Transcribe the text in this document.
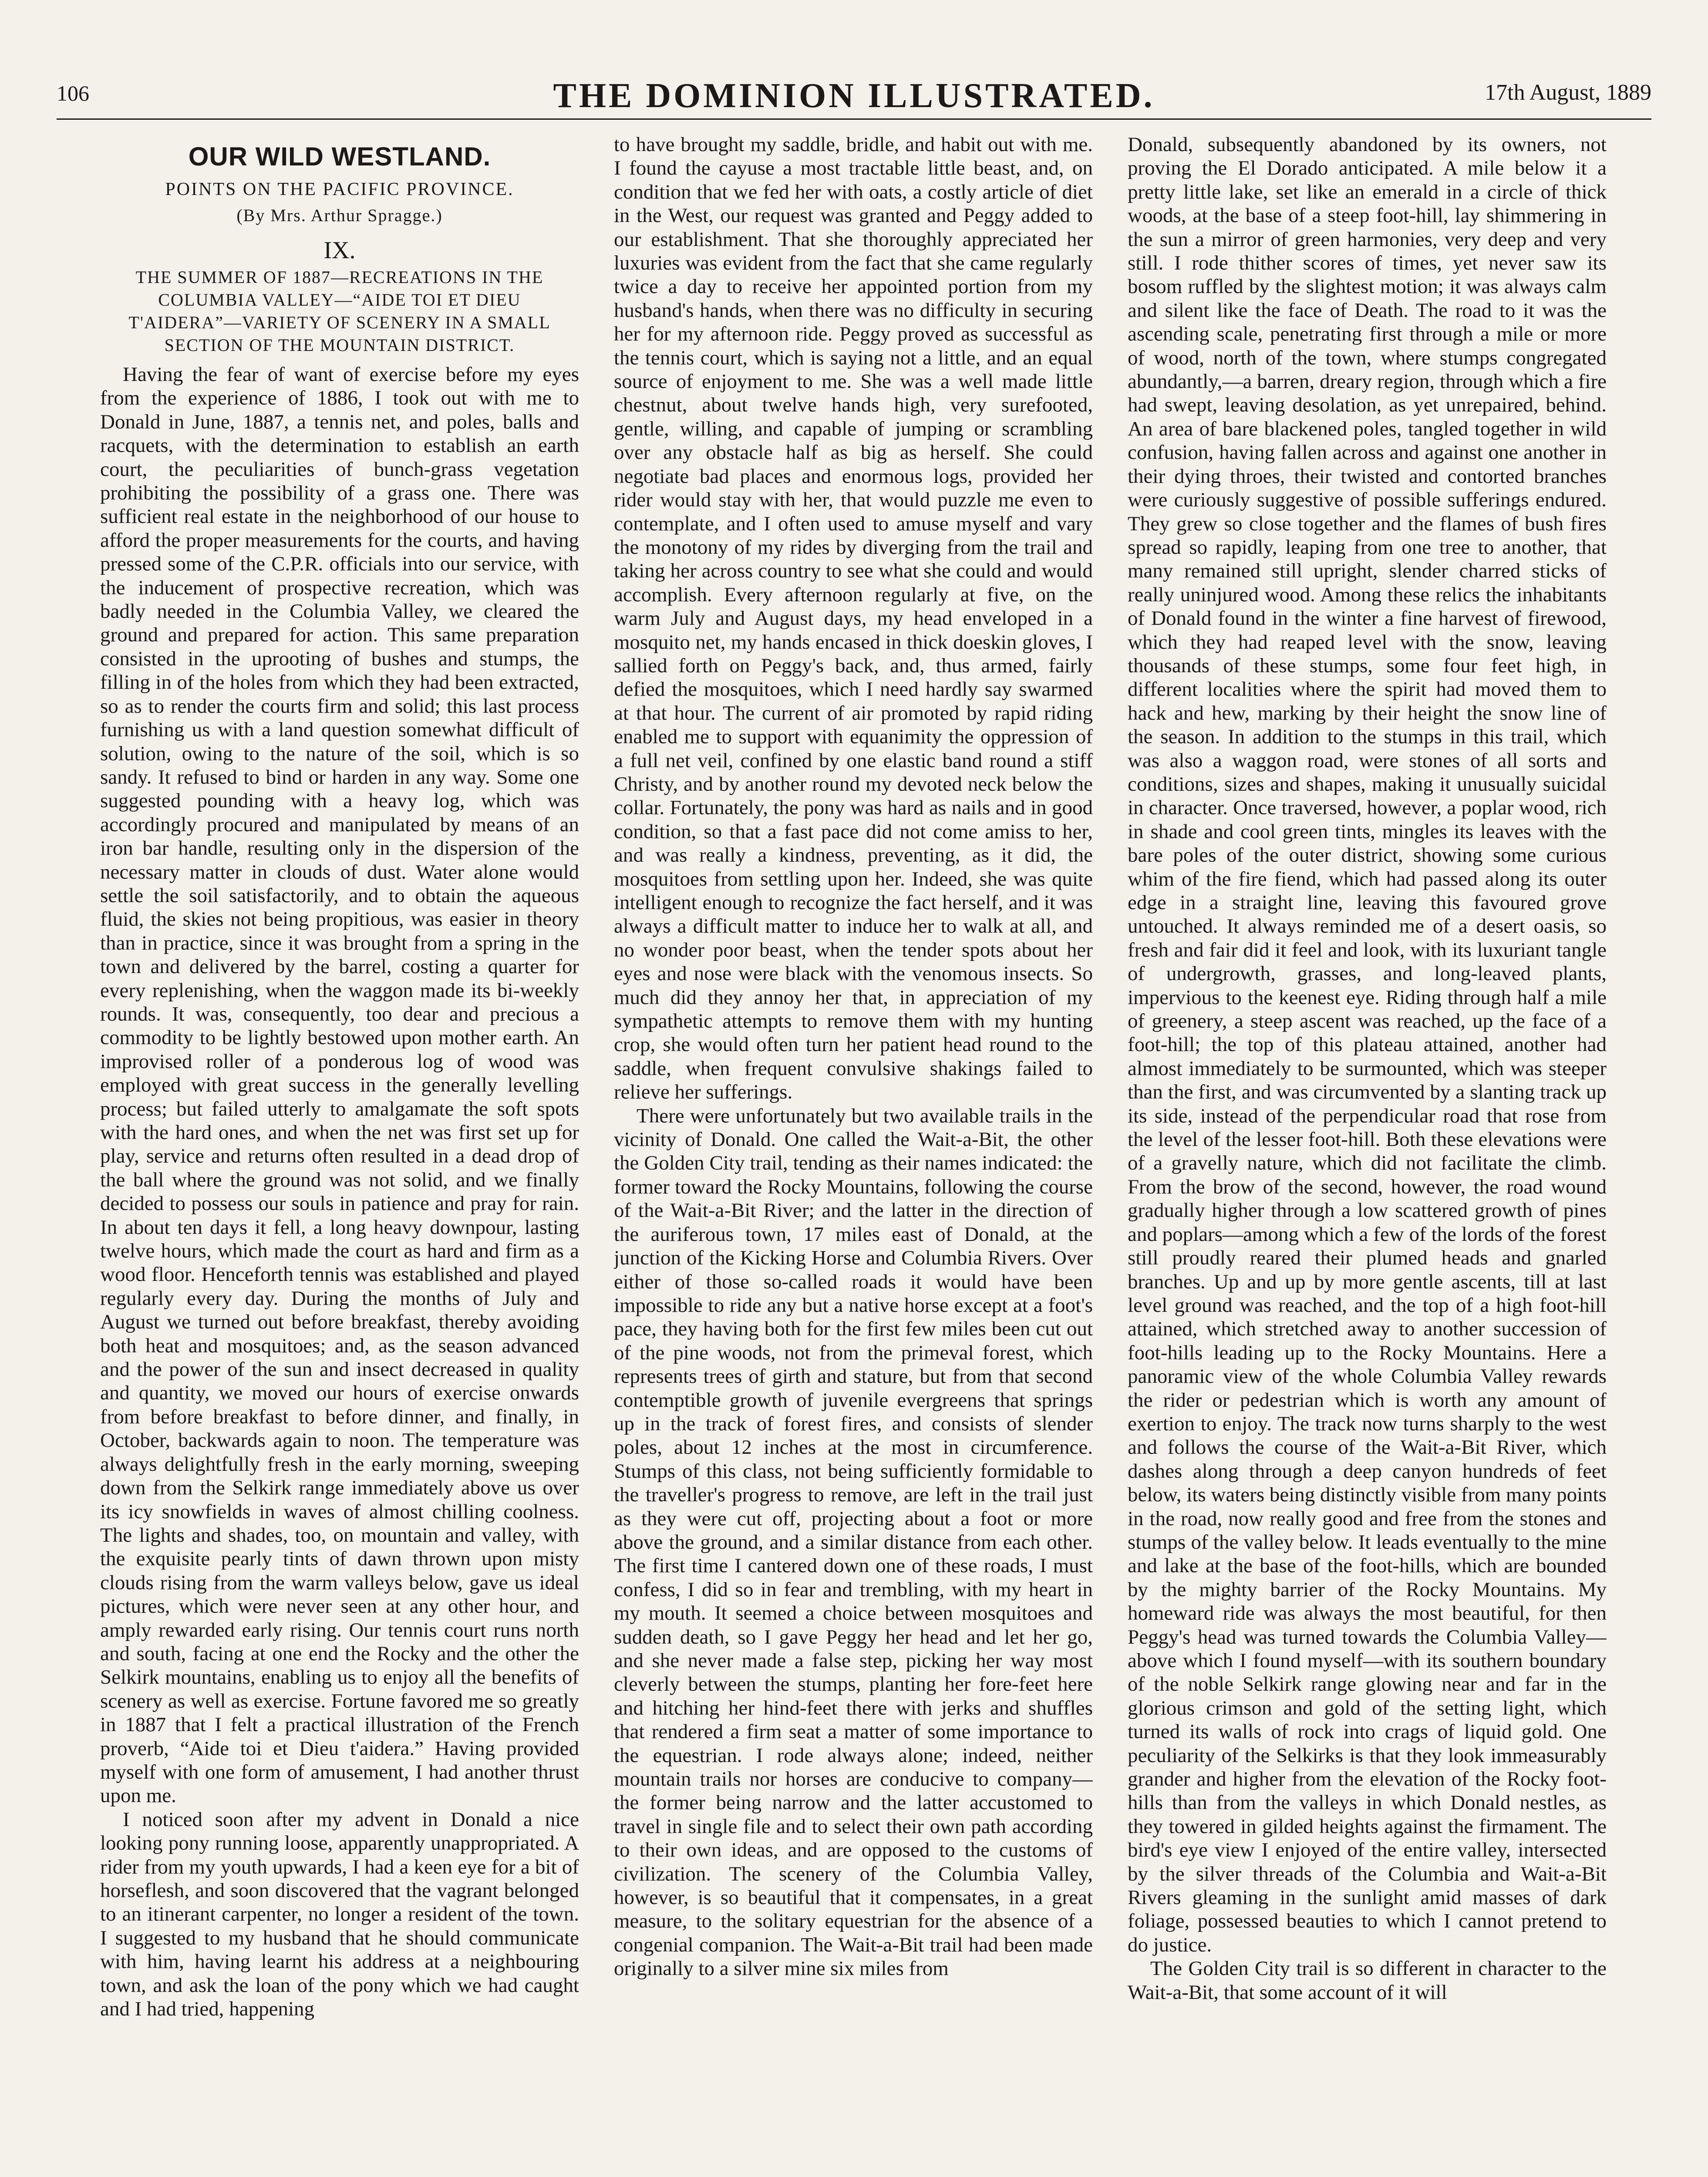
106	THE DOMINION ILLUSTRATED.	17th August, 1889
OUR WILD WESTLAND.
POINTS ON THE PACIFIC PROVINCE.
(By Mrs. Arthur Spragge.)
IX.
THE SUMMER OF 1887—RECREATIONS IN THE COLUMBIA VALLEY—“AIDE TOI ET DIEU T'AIDERA”—VARIETY OF SCENERY IN A SMALL SECTION OF THE MOUNTAIN DISTRICT.

Having the fear of want of exercise before my eyes from the experience of 1886, I took out with me to Donald in June, 1887, a tennis net, and poles, balls and racquets, with the determination to establish an earth court, the peculiarities of bunch-grass vegetation prohibiting the possibility of a grass one. There was sufficient real estate in the neighborhood of our house to afford the proper measurements for the courts, and having pressed some of the C.P.R. officials into our service, with the inducement of prospective recreation, which was badly needed in the Columbia Valley, we cleared the ground and prepared for action. This same preparation consisted in the uprooting of bushes and stumps, the filling in of the holes from which they had been extracted, so as to render the courts firm and solid; this last process furnishing us with a land question somewhat difficult of solution, owing to the nature of the soil, which is so sandy. It refused to bind or harden in any way. Some one suggested pounding with a heavy log, which was accordingly procured and manipulated by means of an iron bar handle, resulting only in the dispersion of the necessary matter in clouds of dust. Water alone would settle the soil satisfactorily, and to obtain the aqueous fluid, the skies not being propitious, was easier in theory than in practice, since it was brought from a spring in the town and delivered by the barrel, costing a quarter for every replenishing, when the waggon made its bi-weekly rounds. It was, consequently, too dear and precious a commodity to be lightly bestowed upon mother earth. An improvised roller of a ponderous log of wood was employed with great success in the generally levelling process; but failed utterly to amalgamate the soft spots with the hard ones, and when the net was first set up for play, service and returns often resulted in a dead drop of the ball where the ground was not solid, and we finally decided to possess our souls in patience and pray for rain. In about ten days it fell, a long heavy downpour, lasting twelve hours, which made the court as hard and firm as a wood floor. Henceforth tennis was established and played regularly every day. During the months of July and August we turned out before breakfast, thereby avoiding both heat and mosquitoes; and, as the season advanced and the power of the sun and insect decreased in quality and quantity, we moved our hours of exercise onwards from before breakfast to before dinner, and finally, in October, backwards again to noon. The temperature was always delightfully fresh in the early morning, sweeping down from the Selkirk range immediately above us over its icy snowfields in waves of almost chilling coolness. The lights and shades, too, on mountain and valley, with the exquisite pearly tints of dawn thrown upon misty clouds rising from the warm valleys below, gave us ideal pictures, which were never seen at any other hour, and amply rewarded early rising. Our tennis court runs north and south, facing at one end the Rocky and the other the Selkirk mountains, enabling us to enjoy all the benefits of scenery as well as exercise. Fortune favored me so greatly in 1887 that I felt a practical illustration of the French proverb, “Aide toi et Dieu t'aidera.” Having provided myself with one form of amusement, I had another thrust upon me.

I noticed soon after my advent in Donald a nice looking pony running loose, apparently unappropriated. A rider from my youth upwards, I had a keen eye for a bit of horseflesh, and soon discovered that the vagrant belonged to an itinerant carpenter, no longer a resident of the town. I suggested to my husband that he should communicate with him, having learnt his address at a neighbouring town, and ask the loan of the pony which we had caught and I had tried, happening

to have brought my saddle, bridle, and habit out with me. I found the cayuse a most tractable little beast, and, on condition that we fed her with oats, a costly article of diet in the West, our request was granted and Peggy added to our establishment. That she thoroughly appreciated her luxuries was evident from the fact that she came regularly twice a day to receive her appointed portion from my husband's hands, when there was no difficulty in securing her for my afternoon ride. Peggy proved as successful as the tennis court, which is saying not a little, and an equal source of enjoyment to me. She was a well made little chestnut, about twelve hands high, very surefooted, gentle, willing, and capable of jumping or scrambling over any obstacle half as big as herself. She could negotiate bad places and enormous logs, provided her rider would stay with her, that would puzzle me even to contemplate, and I often used to amuse myself and vary the monotony of my rides by diverging from the trail and taking her across country to see what she could and would accomplish. Every afternoon regularly at five, on the warm July and August days, my head enveloped in a mosquito net, my hands encased in thick doeskin gloves, I sallied forth on Peggy's back, and, thus armed, fairly defied the mosquitoes, which I need hardly say swarmed at that hour. The current of air promoted by rapid riding enabled me to support with equanimity the oppression of a full net veil, confined by one elastic band round a stiff Christy, and by another round my devoted neck below the collar. Fortunately, the pony was hard as nails and in good condition, so that a fast pace did not come amiss to her, and was really a kindness, preventing, as it did, the mosquitoes from settling upon her. Indeed, she was quite intelligent enough to recognize the fact herself, and it was always a difficult matter to induce her to walk at all, and no wonder poor beast, when the tender spots about her eyes and nose were black with the venomous insects. So much did they annoy her that, in appreciation of my sympathetic attempts to remove them with my hunting crop, she would often turn her patient head round to the saddle, when frequent convulsive shakings failed to relieve her sufferings.

There were unfortunately but two available trails in the vicinity of Donald. One called the Wait-a-Bit, the other the Golden City trail, tending as their names indicated: the former toward the Rocky Mountains, following the course of the Wait-a-Bit River; and the latter in the direction of the auriferous town, 17 miles east of Donald, at the junction of the Kicking Horse and Columbia Rivers. Over either of those so-called roads it would have been impossible to ride any but a native horse except at a foot's pace, they having both for the first few miles been cut out of the pine woods, not from the primeval forest, which represents trees of girth and stature, but from that second contemptible growth of juvenile evergreens that springs up in the track of forest fires, and consists of slender poles, about 12 inches at the most in circumference. Stumps of this class, not being sufficiently formidable to the traveller's progress to remove, are left in the trail just as they were cut off, projecting about a foot or more above the ground, and a similar distance from each other. The first time I cantered down one of these roads, I must confess, I did so in fear and trembling, with my heart in my mouth. It seemed a choice between mosquitoes and sudden death, so I gave Peggy her head and let her go, and she never made a false step, picking her way most cleverly between the stumps, planting her fore-feet here and hitching her hind-feet there with jerks and shuffles that rendered a firm seat a matter of some importance to the equestrian. I rode always alone; indeed, neither mountain trails nor horses are conducive to company—the former being narrow and the latter accustomed to travel in single file and to select their own path according to their own ideas, and are opposed to the customs of civilization. The scenery of the Columbia Valley, however, is so beautiful that it compensates, in a great measure, to the solitary equestrian for the absence of a congenial companion. The Wait-a-Bit trail had been made originally to a silver mine six miles from

Donald, subsequently abandoned by its owners, not proving the El Dorado anticipated. A mile below it a pretty little lake, set like an emerald in a circle of thick woods, at the base of a steep foot-hill, lay shimmering in the sun a mirror of green harmonies, very deep and very still. I rode thither scores of times, yet never saw its bosom ruffled by the slightest motion; it was always calm and silent like the face of Death. The road to it was the ascending scale, penetrating first through a mile or more of wood, north of the town, where stumps congregated abundantly,—a barren, dreary region, through which a fire had swept, leaving desolation, as yet unrepaired, behind. An area of bare blackened poles, tangled together in wild confusion, having fallen across and against one another in their dying throes, their twisted and contorted branches were curiously suggestive of possible sufferings endured. They grew so close together and the flames of bush fires spread so rapidly, leaping from one tree to another, that many remained still upright, slender charred sticks of really uninjured wood. Among these relics the inhabitants of Donald found in the winter a fine harvest of firewood, which they had reaped level with the snow, leaving thousands of these stumps, some four feet high, in different localities where the spirit had moved them to hack and hew, marking by their height the snow line of the season. In addition to the stumps in this trail, which was also a waggon road, were stones of all sorts and conditions, sizes and shapes, making it unusually suicidal in character. Once traversed, however, a poplar wood, rich in shade and cool green tints, mingles its leaves with the bare poles of the outer district, showing some curious whim of the fire fiend, which had passed along its outer edge in a straight line, leaving this favoured grove untouched. It always reminded me of a desert oasis, so fresh and fair did it feel and look, with its luxuriant tangle of undergrowth, grasses, and long-leaved plants, impervious to the keenest eye. Riding through half a mile of greenery, a steep ascent was reached, up the face of a foot-hill; the top of this plateau attained, another had almost immediately to be surmounted, which was steeper than the first, and was circumvented by a slanting track up its side, instead of the perpendicular road that rose from the level of the lesser foot-hill. Both these elevations were of a gravelly nature, which did not facilitate the climb. From the brow of the second, however, the road wound gradually higher through a low scattered growth of pines and poplars—among which a few of the lords of the forest still proudly reared their plumed heads and gnarled branches. Up and up by more gentle ascents, till at last level ground was reached, and the top of a high foot-hill attained, which stretched away to another succession of foot-hills leading up to the Rocky Mountains. Here a panoramic view of the whole Columbia Valley rewards the rider or pedestrian which is worth any amount of exertion to enjoy. The track now turns sharply to the west and follows the course of the Wait-a-Bit River, which dashes along through a deep canyon hundreds of feet below, its waters being distinctly visible from many points in the road, now really good and free from the stones and stumps of the valley below. It leads eventually to the mine and lake at the base of the foot-hills, which are bounded by the mighty barrier of the Rocky Mountains. My homeward ride was always the most beautiful, for then Peggy's head was turned towards the Columbia Valley—above which I found myself—with its southern boundary of the noble Selkirk range glowing near and far in the glorious crimson and gold of the setting light, which turned its walls of rock into crags of liquid gold. One peculiarity of the Selkirks is that they look immeasurably grander and higher from the elevation of the Rocky foot-hills than from the valleys in which Donald nestles, as they towered in gilded heights against the firmament. The bird's eye view I enjoyed of the entire valley, intersected by the silver threads of the Columbia and Wait-a-Bit Rivers gleaming in the sunlight amid masses of dark foliage, possessed beauties to which I cannot pretend to do justice.

The Golden City trail is so different in character to the Wait-a-Bit, that some account of it will
